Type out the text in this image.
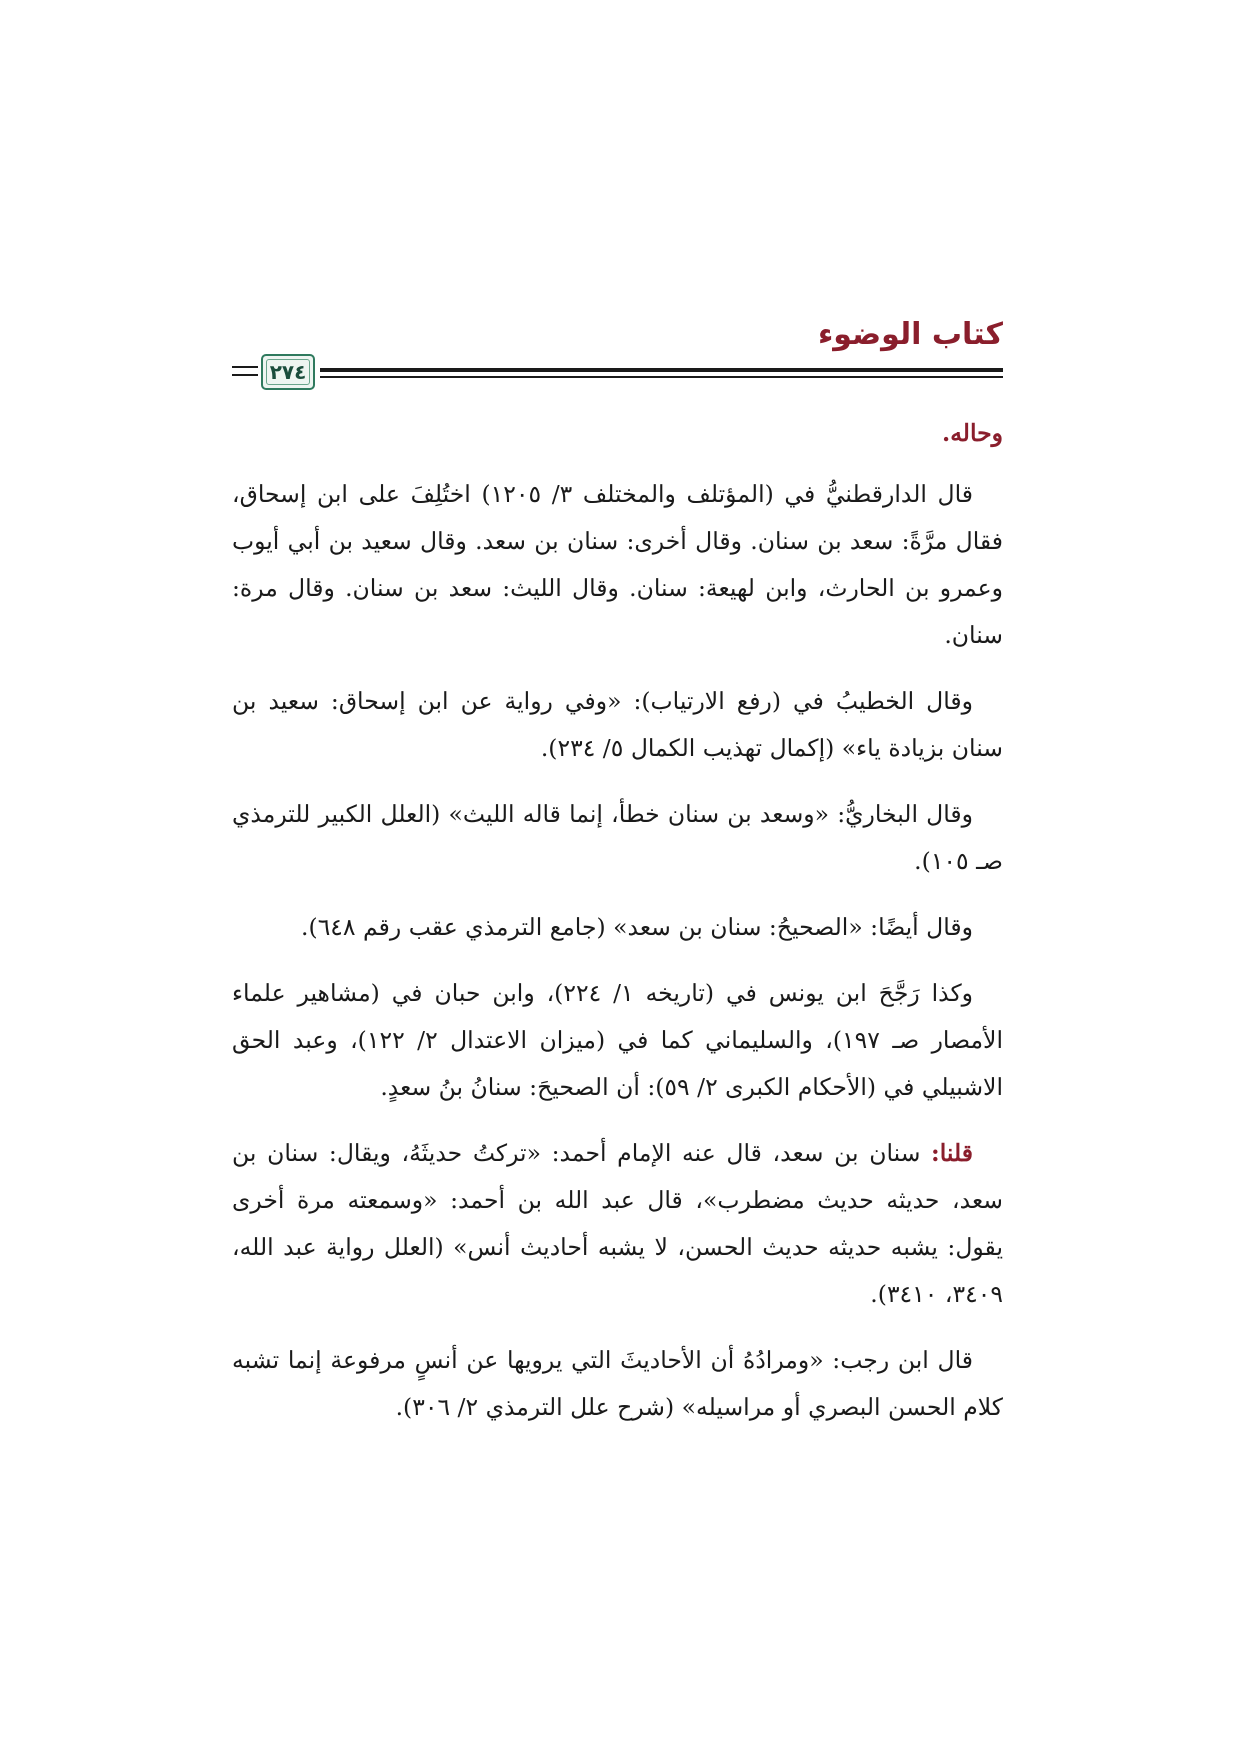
كتاب الوضوء
٢٧٤

وحاله.

قال الدارقطنيُّ في (المؤتلف والمختلف ٣/ ١٢٠٥) اختُلِفَ على ابن إسحاق، فقال مرَّةً: سعد بن سنان. وقال أخرى: سنان بن سعد. وقال سعيد بن أبي أيوب وعمرو بن الحارث، وابن لهيعة: سنان. وقال الليث: سعد بن سنان. وقال مرة: سنان.

وقال الخطيبُ في (رفع الارتياب): «وفي رواية عن ابن إسحاق: سعيد بن سنان بزيادة ياء» (إكمال تهذيب الكمال ٥/ ٢٣٤).

وقال البخاريُّ: «وسعد بن سنان خطأ، إنما قاله الليث» (العلل الكبير للترمذي صـ ١٠٥).

وقال أيضًا: «الصحيحُ: سنان بن سعد» (جامع الترمذي عقب رقم ٦٤٨).

وكذا رَجَّحَ ابن يونس في (تاريخه ١/ ٢٢٤)، وابن حبان في (مشاهير علماء الأمصار صـ ١٩٧)، والسليماني كما في (ميزان الاعتدال ٢/ ١٢٢)، وعبد الحق الاشبيلي في (الأحكام الكبرى ٢/ ٥٩): أن الصحيحَ: سنانُ بنُ سعدٍ.

قلنا: سنان بن سعد، قال عنه الإمام أحمد: «تركتُ حديثَهُ، ويقال: سنان بن سعد، حديثه حديث مضطرب»، قال عبد الله بن أحمد: «وسمعته مرة أخرى يقول: يشبه حديثه حديث الحسن، لا يشبه أحاديث أنس» (العلل رواية عبد الله، ٣٤٠٩، ٣٤١٠).

قال ابن رجب: «ومرادُهُ أن الأحاديثَ التي يرويها عن أنسٍ مرفوعة إنما تشبه كلام الحسن البصري أو مراسيله» (شرح علل الترمذي ٢/ ٣٠٦).
